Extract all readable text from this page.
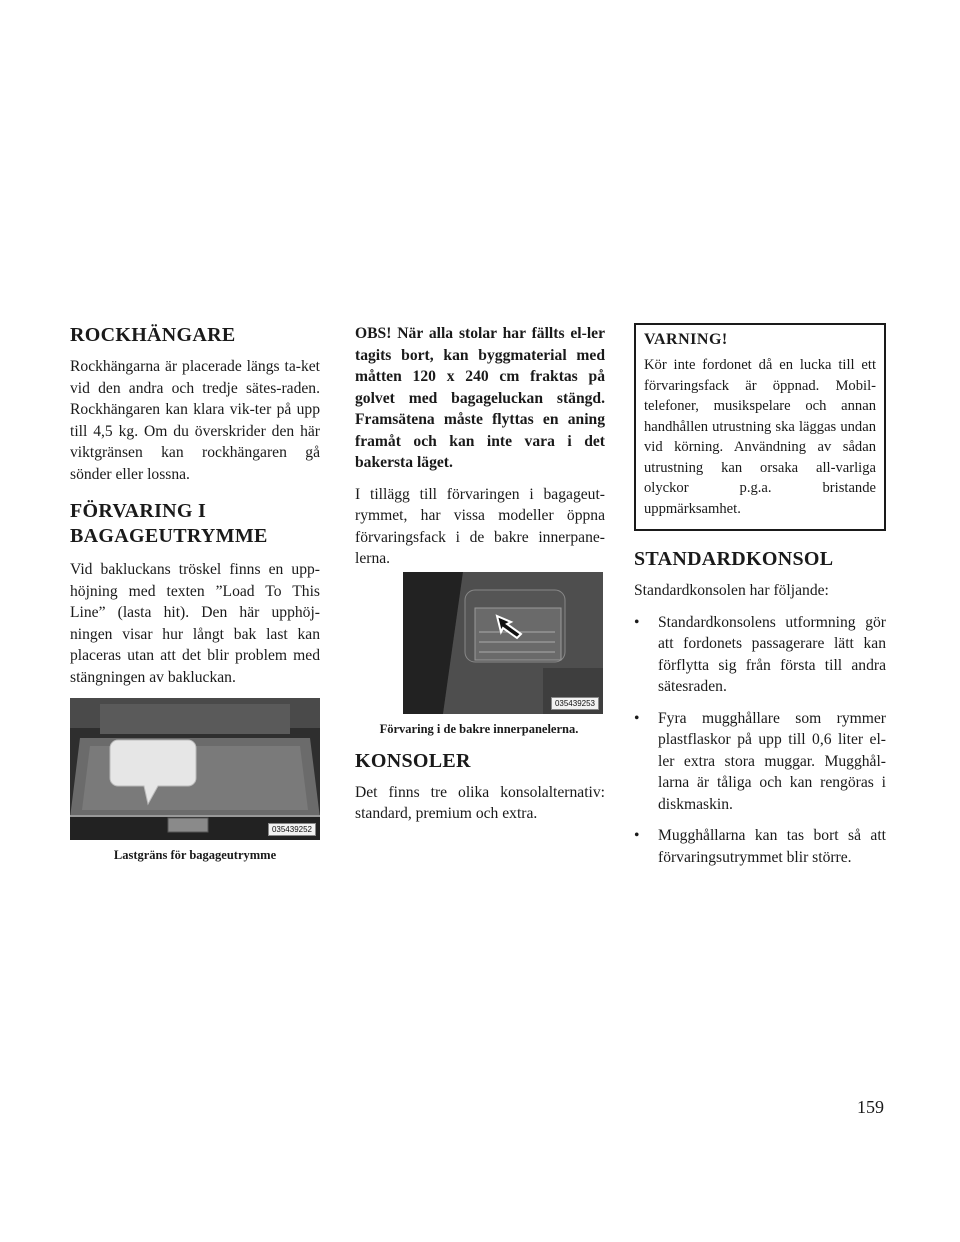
ROCKHÄNGARE

Rockhängarna är placerade längs ta-ket vid den andra och tredje sätes-raden. Rockhängaren kan klara vik-ter på upp till 4,5 kg. Om du överskrider den här viktgränsen kan rockhängaren gå sönder eller lossna.

FÖRVARING I
BAGAGEUTRYMME

Vid bakluckans tröskel finns en upp-höjning med texten ”Load To This Line” (lasta hit). Den här upphöj-ningen visar hur långt bak last kan placeras utan att det blir problem med stängningen av bakluckan.

035439252
Lastgräns för bagageutrymme

OBS! När alla stolar har fällts el-ler tagits bort, kan byggmaterial med måtten 120 x 240 cm fraktas på golvet med bagageluckan stängd. Framsätena måste flyttas en aning framåt och kan inte vara i det bakersta läget.

I tillägg till förvaringen i bagageut-rymmet, har vissa modeller öppna förvaringsfack i de bakre innerpane-lerna.

035439253
Förvaring i de bakre innerpanelerna.
KONSOLER

Det finns tre olika konsolalternativ: standard, premium och extra.

VARNING!

Kör inte fordonet då en lucka till ett förvaringsfack är öppnad. Mobil-telefoner, musikspelare och annan handhållen utrustning ska läggas undan vid körning. Användning av sådan utrustning kan orsaka all-varliga olyckor p.g.a. bristande uppmärksamhet.

STANDARDKONSOL

Standardkonsolen har följande:

• Standardkonsolens utformning gör att fordonets passagerare lätt kan förflytta sig från första till andra sätesraden.
• Fyra mugghållare som rymmer plastflaskor på upp till 0,6 liter el-ler extra stora muggar. Mugghål-larna är tåliga och kan rengöras i diskmaskin.
• Mugghållarna kan tas bort så att förvaringsutrymmet blir större.
159
